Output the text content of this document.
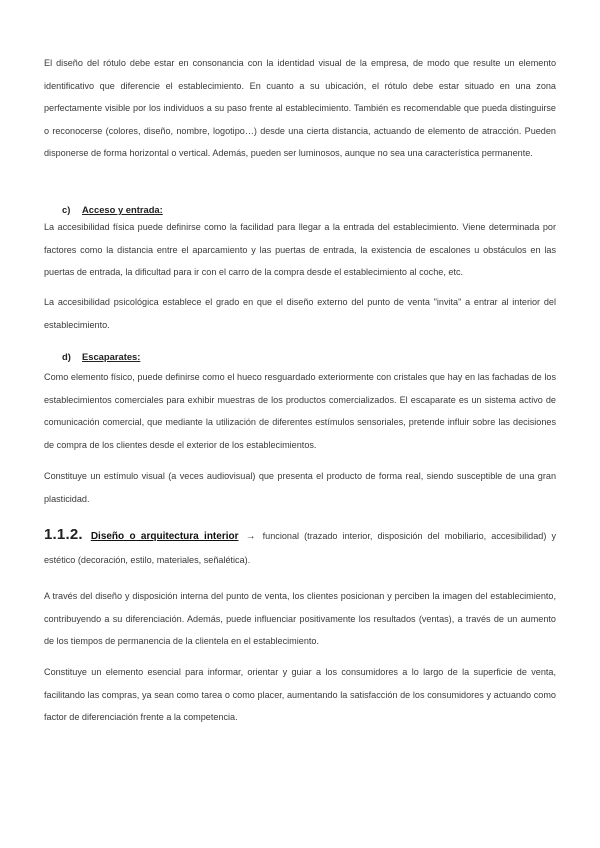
El diseño del rótulo debe estar en consonancia con la identidad visual de la empresa, de modo que resulte un elemento identificativo que diferencie el establecimiento. En cuanto a su ubicación, el rótulo debe estar situado en una zona perfectamente visible por los individuos a su paso frente al establecimiento. También es recomendable que pueda distinguirse o reconocerse (colores, diseño, nombre, logotipo…) desde una cierta distancia, actuando de elemento de atracción. Pueden disponerse de forma horizontal o vertical. Además, pueden ser luminosos, aunque no sea una característica permanente.

c) Acceso y entrada:

La accesibilidad física puede definirse como la facilidad para llegar a la entrada del establecimiento. Viene determinada por factores como la distancia entre el aparcamiento y las puertas de entrada, la existencia de escalones u obstáculos en las puertas de entrada, la dificultad para ir con el carro de la compra desde el establecimiento al coche, etc.

La accesibilidad psicológica establece el grado en que el diseño externo del punto de venta "invita" a entrar al interior del establecimiento.

d) Escaparates:

Como elemento físico, puede definirse como el hueco resguardado exteriormente con cristales que hay en las fachadas de los establecimientos comerciales para exhibir muestras de los productos comercializados. El escaparate es un sistema activo de comunicación comercial, que mediante la utilización de diferentes estímulos sensoriales, pretende influir sobre las decisiones de compra de los clientes desde el exterior de los establecimientos.

Constituye un estímulo visual (a veces audiovisual) que presenta el producto de forma real, siendo susceptible de una gran plasticidad.

1.1.2. Diseño o arquitectura interior → funcional (trazado interior, disposición del mobiliario, accesibilidad) y estético (decoración, estilo, materiales, señalética).

A través del diseño y disposición interna del punto de venta, los clientes posicionan y perciben la imagen del establecimiento, contribuyendo a su diferenciación. Además, puede influenciar positivamente los resultados (ventas), a través de un aumento de los tiempos de permanencia de la clientela en el establecimiento.

Constituye un elemento esencial para informar, orientar y guiar a los consumidores a lo largo de la superficie de venta, facilitando las compras, ya sean como tarea o como placer, aumentando la satisfacción de los consumidores y actuando como factor de diferenciación frente a la competencia.
